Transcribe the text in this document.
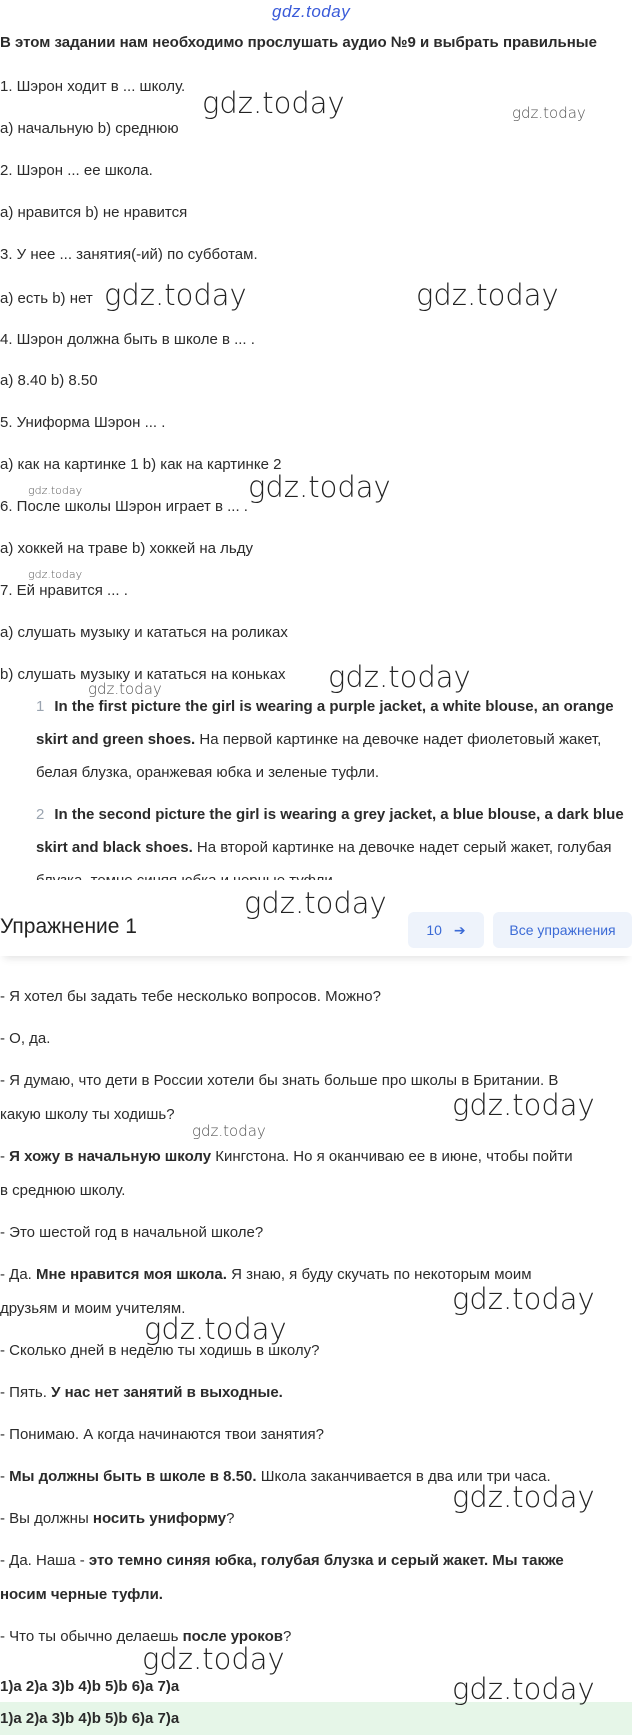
gdz.today
В этом задании нам необходимо прослушать аудио №9 и выбрать правильные
1. Шэрон ходит в ... школу.
a) начальную b) среднюю
2. Шэрон ... ее школа.
a) нравится b) не нравится
3. У нее ... занятия(-ий) по субботам.
a) есть b) нет
4. Шэрон должна быть в школе в ... .
a) 8.40 b) 8.50
5. Униформа Шэрон ... .
a) как на картинке 1 b) как на картинке 2
6. После школы Шэрон играет в ... .
a) хоккей на траве b) хоккей на льду
7. Ей нравится ... .
a) слушать музыку и кататься на роликах
b) слушать музыку и кататься на коньках
1 In the first picture the girl is wearing a purple jacket, a white blouse, an orange skirt and green shoes. На первой картинке на девочке надет фиолетовый жакет, белая блузка, оранжевая юбка и зеленые туфли.
2 In the second picture the girl is wearing a grey jacket, a blue blouse, a dark blue skirt and black shoes. На второй картинке на девочке надет серый жакет, голубая
Упражнение 1	10 ➔	Все упражнения
- Я хотел бы задать тебе несколько вопросов. Можно?
- О, да.
- Я думаю, что дети в России хотели бы знать больше про школы в Британии. В
какую школу ты ходишь?
- Я хожу в начальную школу Кингстона. Но я оканчиваю ее в июне, чтобы пойти
в среднюю школу.
- Это шестой год в начальной школе?
- Да. Мне нравится моя школа. Я знаю, я буду скучать по некоторым моим
друзьям и моим учителям.
- Сколько дней в неделю ты ходишь в школу?
- Пять. У нас нет занятий в выходные.
- Понимаю. А когда начинаются твои занятия?
- Мы должны быть в школе в 8.50. Школа заканчивается в два или три часа.
- Вы должны носить униформу?
- Да. Наша - это темно синяя юбка, голубая блузка и серый жакет. Мы также
носим черные туфли.
- Что ты обычно делаешь после уроков?
1)a 2)a 3)b 4)b 5)b 6)a 7)a
1)a 2)a 3)b 4)b 5)b 6)a 7)a
gdz.today	gdz.today
gdz.today	gdz.today
gdz.today	gdz.today
gdz.today
gdz.today
gdz.today
gdz.today
gdz.today
gdz.today
gdz.today
gdz.today
gdz.today
gdz.today
gdz.today
